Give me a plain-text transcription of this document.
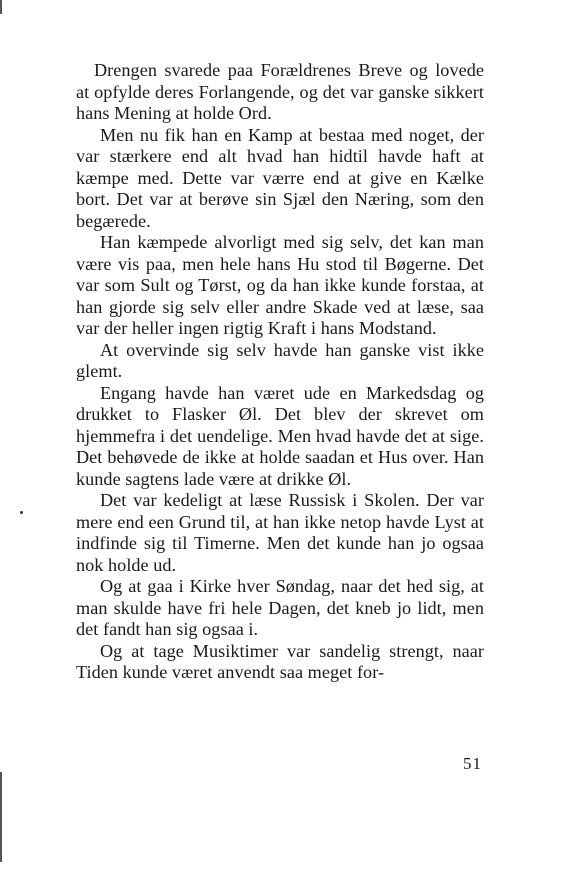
Drengen svarede paa Forældrenes Breve og lovede at opfylde deres Forlangende, og det var ganske sikkert hans Mening at holde Ord.

Men nu fik han en Kamp at bestaa med noget, der var stærkere end alt hvad han hidtil havde haft at kæmpe med. Dette var værre end at give en Kælke bort. Det var at berøve sin Sjæl den Næring, som den begærede.

Han kæmpede alvorligt med sig selv, det kan man være vis paa, men hele hans Hu stod til Bøgerne. Det var som Sult og Tørst, og da han ikke kunde forstaa, at han gjorde sig selv eller andre Skade ved at læse, saa var der heller ingen rigtig Kraft i hans Modstand.

At overvinde sig selv havde han ganske vist ikke glemt.

Engang havde han været ude en Markedsdag og drukket to Flasker Øl. Det blev der skrevet om hjemmefra i det uendelige. Men hvad havde det at sige. Det behøvede de ikke at holde saadan et Hus over. Han kunde sagtens lade være at drikke Øl.

Det var kedeligt at læse Russisk i Skolen. Der var mere end een Grund til, at han ikke netop havde Lyst at indfinde sig til Timerne. Men det kunde han jo ogsaa nok holde ud.

Og at gaa i Kirke hver Søndag, naar det hed sig, at man skulde have fri hele Dagen, det kneb jo lidt, men det fandt han sig ogsaa i.

Og at tage Musiktimer var sandelig strengt, naar Tiden kunde været anvendt saa meget for-

51
